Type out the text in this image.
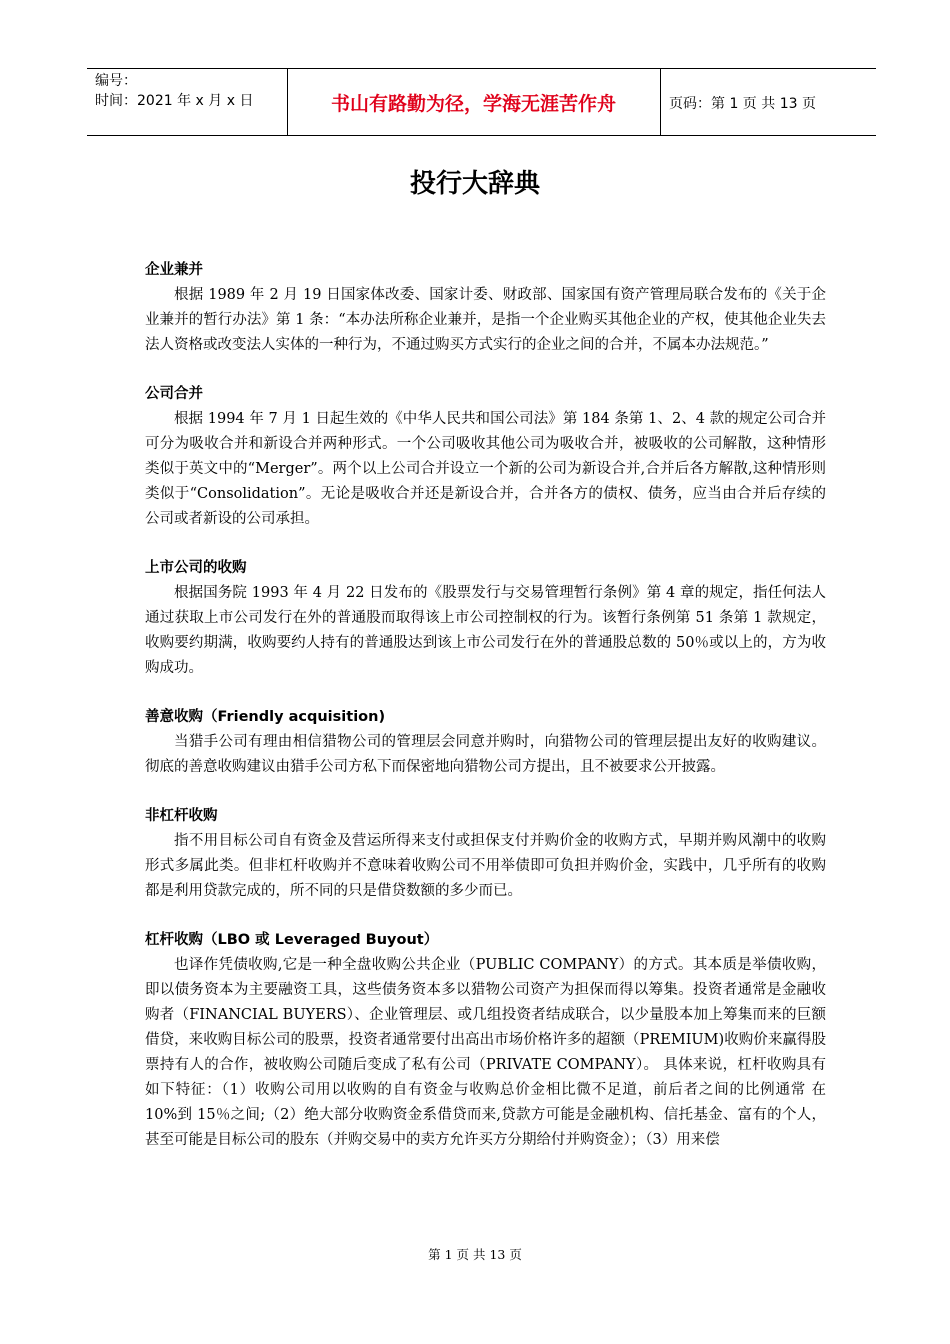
编号：
时间：2021 年 x 月 x 日	书山有路勤为径，学海无涯苦作舟	页码：第 1 页 共 13 页
投行大辞典

企业兼并

根据 1989 年 2 月 19 日国家体改委、国家计委、财政部、国家国有资产管理局联合发布的《关于企业兼并的暂行办法》第 1 条：“本办法所称企业兼并，是指一个企业购买其他企业的产权，使其他企业失去法人资格或改变法人实体的一种行为，不通过购买方式实行的企业之间的合并，不属本办法规范。”

公司合并

根据 1994 年 7 月 1 日起生效的《中华人民共和国公司法》第 184 条第 1、2、4 款的规定公司合并可分为吸收合并和新设合并两种形式。一个公司吸收其他公司为吸收合并，被吸收的公司解散，这种情形类似于英文中的“Merger”。两个以上公司合并设立一个新的公司为新设合并,合并后各方解散,这种情形则类似于“Consolidation”。无论是吸收合并还是新设合并，合并各方的债权、债务，应当由合并后存续的公司或者新设的公司承担。

上市公司的收购

根据国务院 1993 年 4 月 22 日发布的《股票发行与交易管理暂行条例》第 4 章的规定，指任何法人通过获取上市公司发行在外的普通股而取得该上市公司控制权的行为。该暂行条例第 51 条第 1 款规定，收购要约期满，收购要约人持有的普通股达到该上市公司发行在外的普通股总数的 50％或以上的，方为收购成功。

善意收购（Friendly acquisition)

当猎手公司有理由相信猎物公司的管理层会同意并购时，向猎物公司的管理层提出友好的收购建议。彻底的善意收购建议由猎手公司方私下而保密地向猎物公司方提出，且不被要求公开披露。

非杠杆收购

指不用目标公司自有资金及营运所得来支付或担保支付并购价金的收购方式，早期并购风潮中的收购形式多属此类。但非杠杆收购并不意味着收购公司不用举债即可负担并购价金，实践中，几乎所有的收购都是利用贷款完成的，所不同的只是借贷数额的多少而已。

杠杆收购（LBO 或 Leveraged Buyout）

也译作凭债收购,它是一种全盘收购公共企业（PUBLIC COMPANY）的方式。其本质是举债收购，即以债务资本为主要融资工具，这些债务资本多以猎物公司资产为担保而得以筹集。投资者通常是金融收购者（FINANCIAL BUYERS）、企业管理层、或几组投资者结成联合，以少量股本加上筹集而来的巨额借贷，来收购目标公司的股票，投资者通常要付出高出市场价格许多的超额（PREMIUM)收购价来赢得股票持有人的合作，被收购公司随后变成了私有公司（PRIVATE COMPANY）。 具体来说，杠杆收购具有如下特征：（1）收购公司用以收购的自有资金与收购总价金相比微不足道，前后者之间的比例通常 在 10%到 15％之间;（2）绝大部分收购资金系借贷而来,贷款方可能是金融机构、信托基金、富有的个人，甚至可能是目标公司的股东（并购交易中的卖方允许买方分期给付并购资金）；（3）用来偿

第 1 页 共 13 页
